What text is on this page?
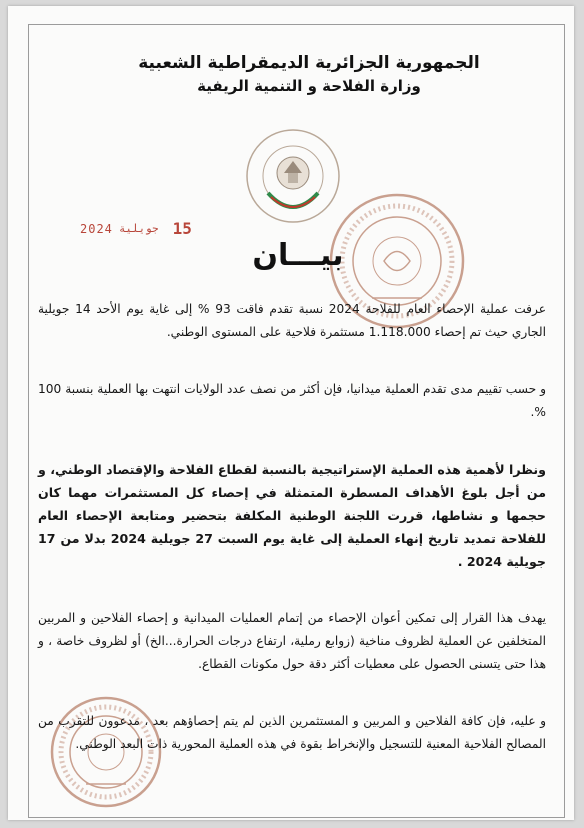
الجمهورية الجزائرية الديمقراطية الشعبية
وزارة الفلاحة و التنمية الريفية
2024 جويلية 15
بيـــان

عرفت عملية الإحصاء العام للفلاحة 2024 نسبة تقدم فاقت 93 % إلى غاية يوم الأحد 14 جويلية الجاري حيث تم إحصاء 1.118.000 مستثمرة فلاحية على المستوى الوطني.

و حسب تقييم مدى تقدم العملية ميدانيا، فإن أكثر من نصف عدد الولايات انتهت بها العملية بنسبة 100 %.

ونظرا لأهمية هذه العملية الإستراتيجية بالنسبة لقطاع الفلاحة والإقتصاد الوطني، و من أجل بلوغ الأهداف المسطرة المتمثلة في إحصاء كل المستثمرات مهما كان حجمها و نشاطها، قررت اللجنة الوطنية المكلفة بتحضير ومتابعة الإحصاء العام للفلاحة تمديد تاريخ إنهاء العملية إلى غاية يوم السبت 27 جويلية 2024 بدلا من 17 جويلية 2024 .

يهدف هذا القرار إلى تمكين أعوان الإحصاء من إتمام العمليات الميدانية و إحصاء الفلاحين و المربين المتخلفين عن العملية لظروف مناخية (زوابع رملية، ارتفاع درجات الحرارة...الخ) أو لظروف خاصة ، و هذا حتى يتسنى الحصول على معطيات أكثر دقة حول مكونات القطاع.

و عليه، فإن كافة الفلاحين و المربين و المستثمرين الذين لم يتم إحصاؤهم بعد ، مدعوون للتقرب من المصالح الفلاحية المعنية للتسجيل والإنخراط بقوة في هذه العملية المحورية ذات البعد الوطني.
